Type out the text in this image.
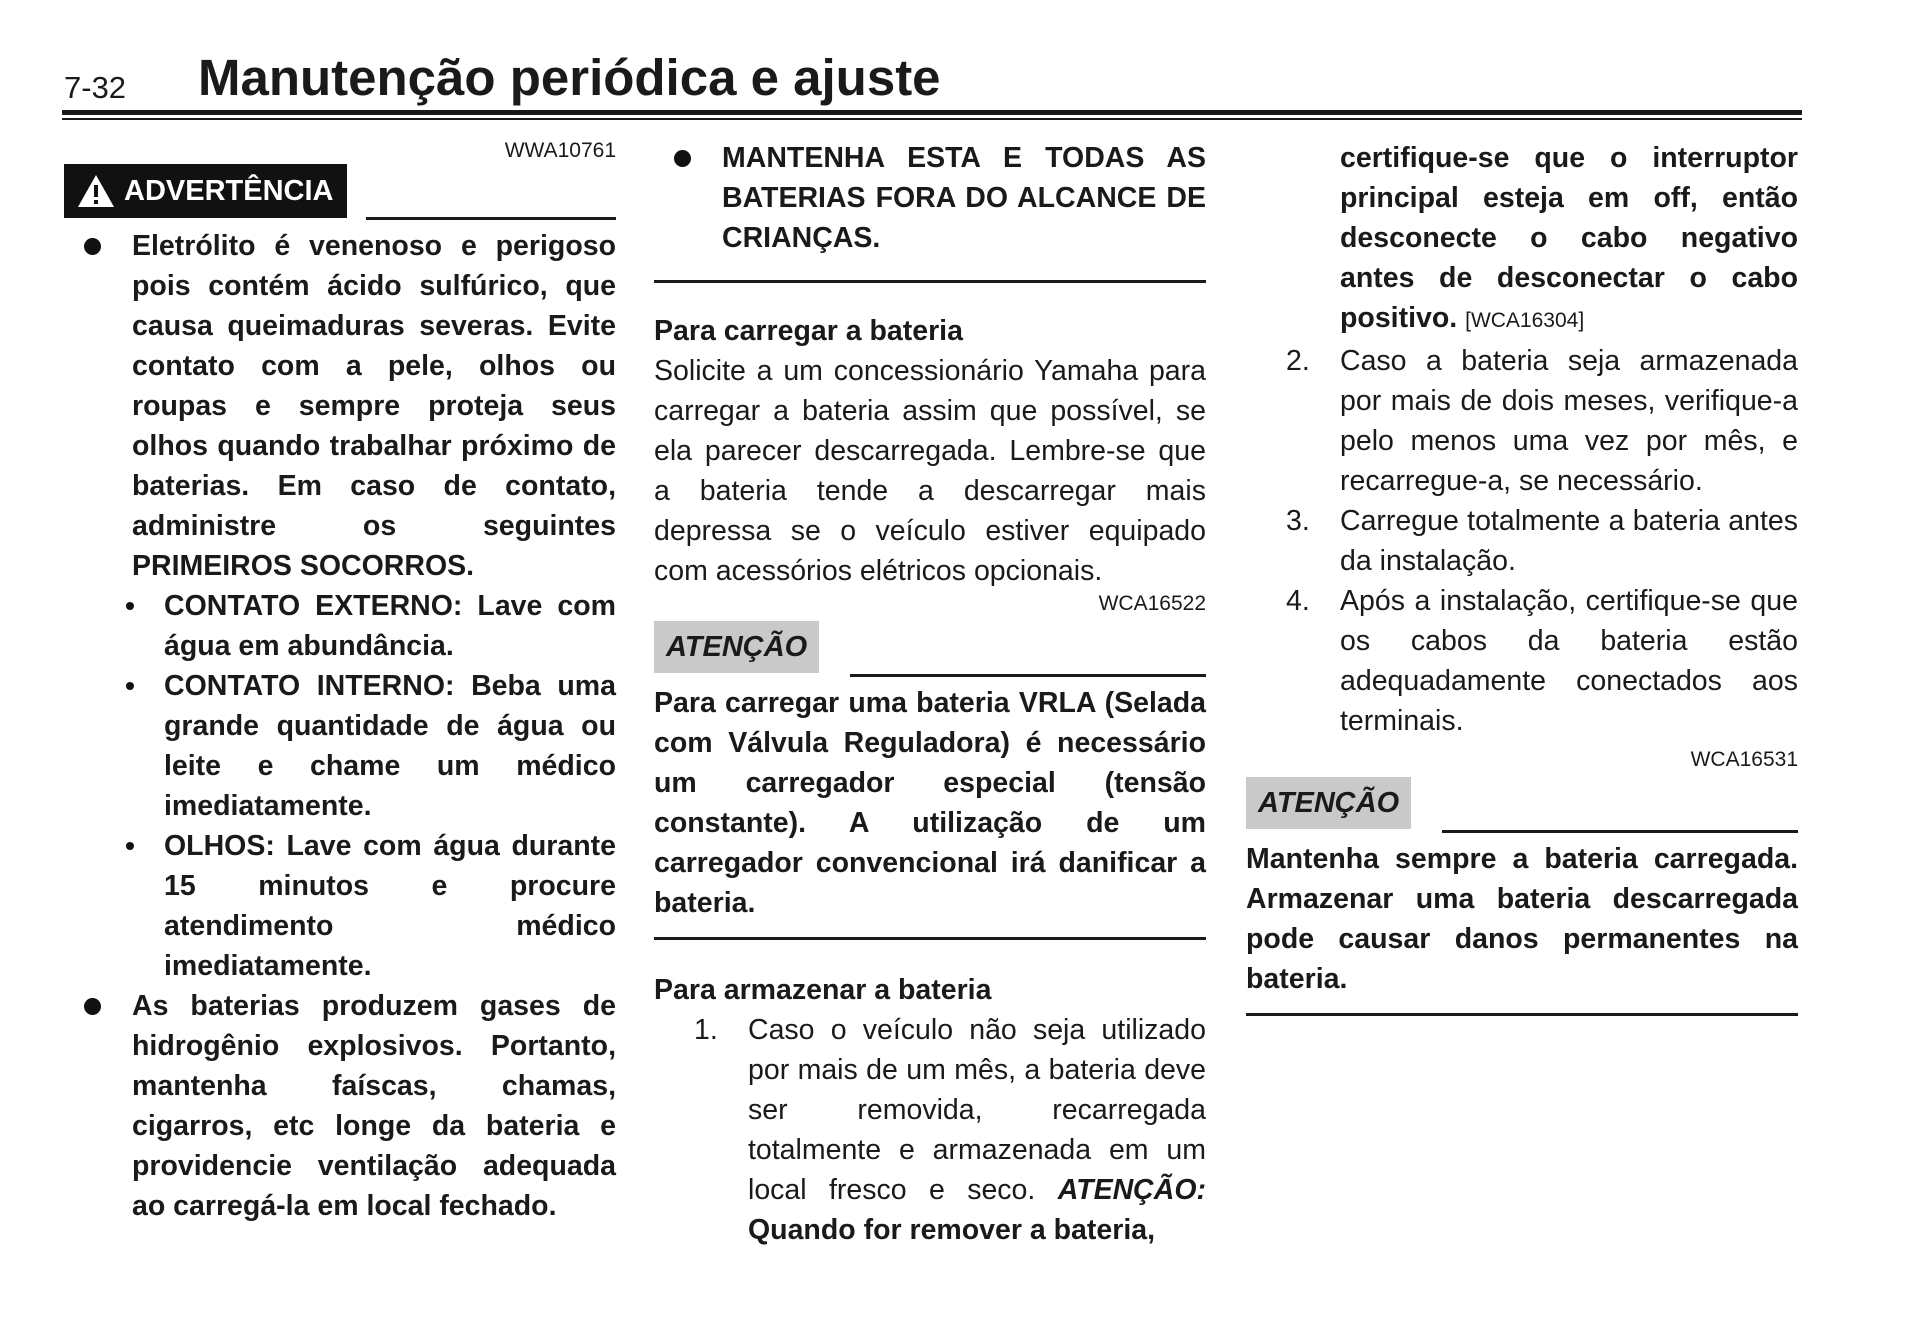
7-32 Manutenção periódica e ajuste
WWA10761
ADVERTÊNCIA
Eletrólito é venenoso e perigoso pois contém ácido sulfúrico, que causa queimaduras severas. Evite contato com a pele, olhos ou roupas e sempre proteja seus olhos quando trabalhar próximo de baterias. Em caso de contato, administre os seguintes PRIMEIROS SOCORROS.
CONTATO EXTERNO: Lave com água em abundância.
CONTATO INTERNO: Beba uma grande quantidade de água ou leite e chame um médico imediatamente.
OLHOS: Lave com água durante 15 minutos e procure atendimento médico imediatamente.
As baterias produzem gases de hidrogênio explosivos. Portanto, mantenha faíscas, chamas, cigarros, etc longe da bateria e providencie ventilação adequada ao carregá-la em local fechado.
MANTENHA ESTA E TODAS AS BATERIAS FORA DO ALCANCE DE CRIANÇAS.
Para carregar a bateria
Solicite a um concessionário Yamaha para carregar a bateria assim que possível, se ela parecer descarregada. Lembre-se que a bateria tende a descarregar mais depressa se o veículo estiver equipado com acessórios elétricos opcionais.
WCA16522
ATENÇÃO
Para carregar uma bateria VRLA (Selada com Válvula Reguladora) é necessário um carregador especial (tensão constante). A utilização de um carregador convencional irá danificar a bateria.
Para armazenar a bateria
1. Caso o veículo não seja utilizado por mais de um mês, a bateria deve ser removida, recarregada totalmente e armazenada em um local fresco e seco. ATENÇÃO: Quando for remover a bateria,
certifique-se que o interruptor principal esteja em off, então desconecte o cabo negativo antes de desconectar o cabo positivo. [WCA16304]
2. Caso a bateria seja armazenada por mais de dois meses, verifique-a pelo menos uma vez por mês, e recarregue-a, se necessário.
3. Carregue totalmente a bateria antes da instalação.
4. Após a instalação, certifique-se que os cabos da bateria estão adequadamente conectados aos terminais.
WCA16531
ATENÇÃO
Mantenha sempre a bateria carregada. Armazenar uma bateria descarregada pode causar danos permanentes na bateria.
